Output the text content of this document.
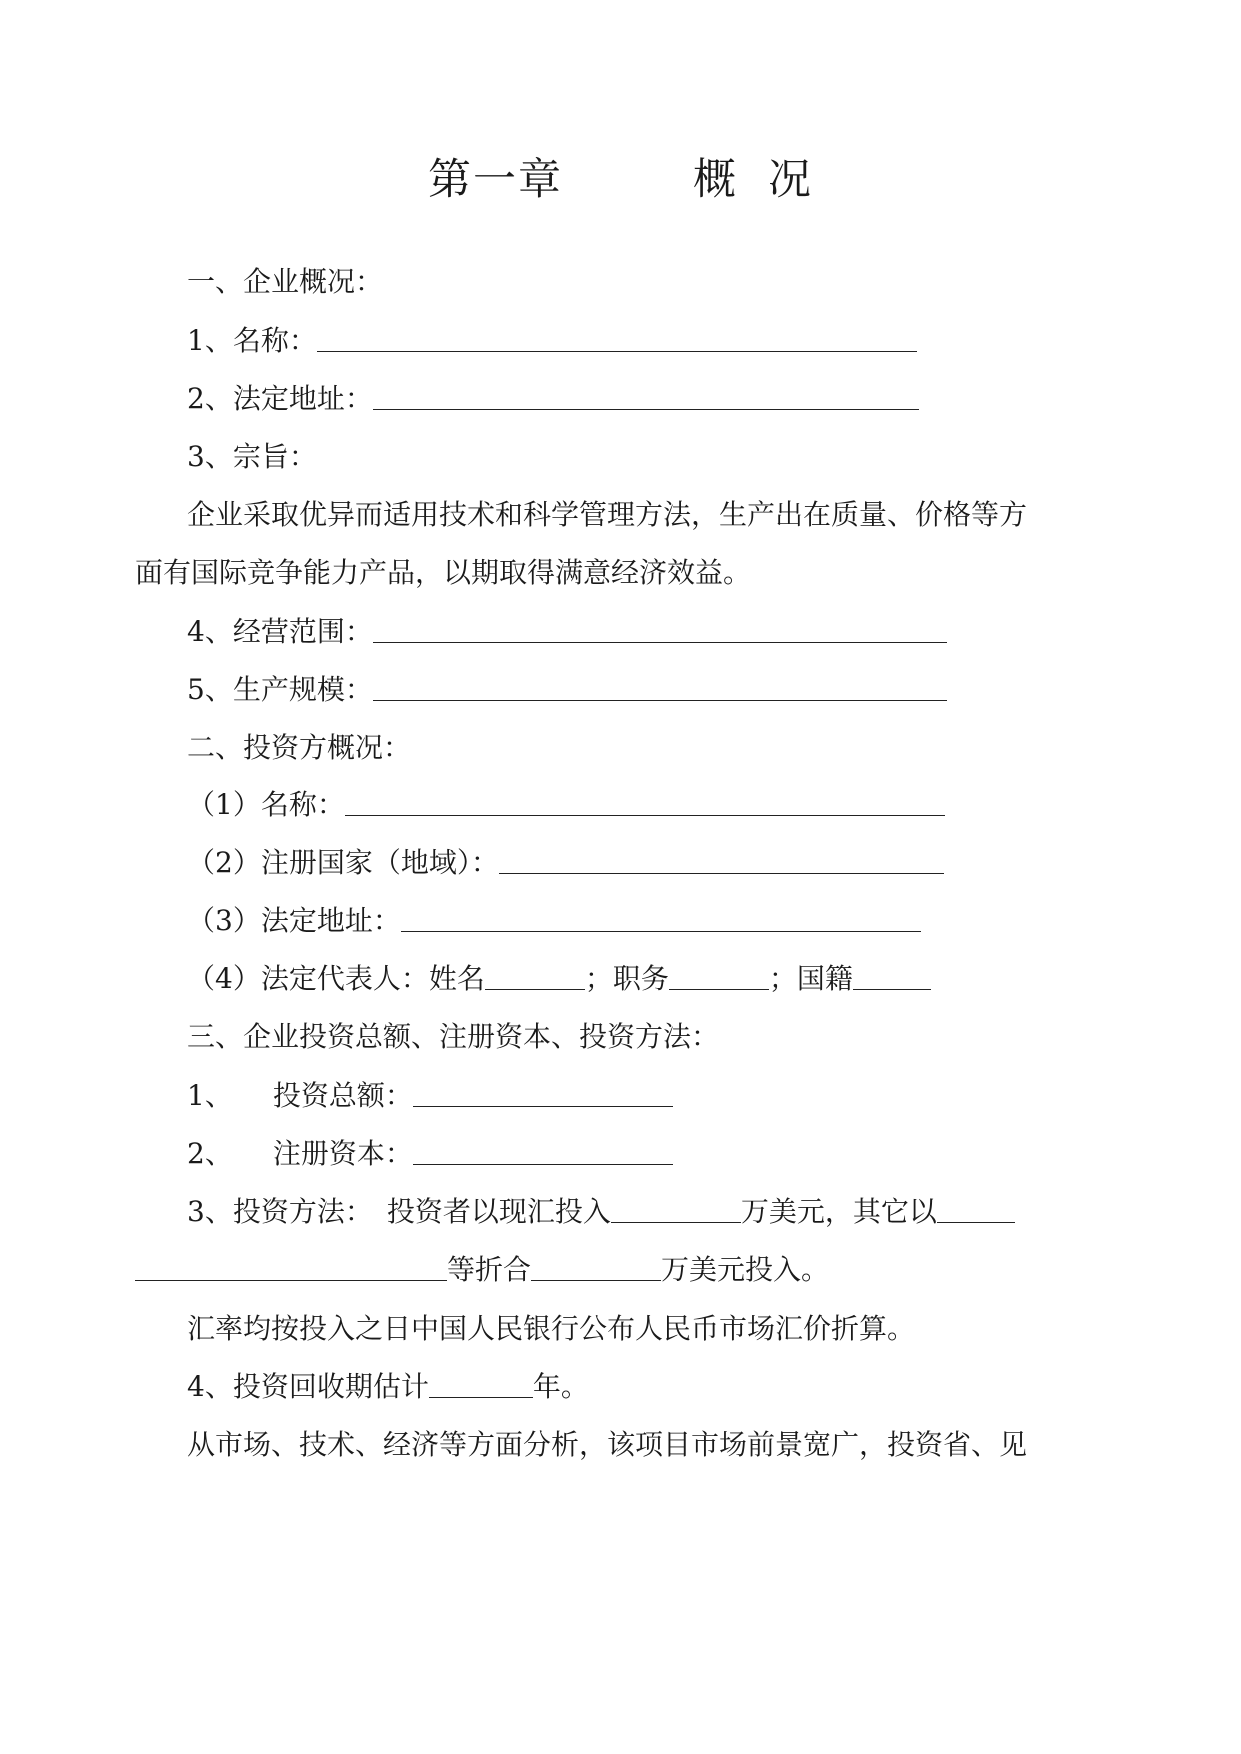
第一章	概 况
一、企业概况：
1、名称：
2、法定地址：
3、宗旨：
企业采取优异而适用技术和科学管理方法，生产出在质量、价格等方
面有国际竞争能力产品，以期取得满意经济效益。
4、经营范围：
5、生产规模：
二、投资方概况：
（1）名称：
（2）注册国家（地域）：
（3）法定地址：
（4）法定代表人：姓名	；职务	；国籍
三、企业投资总额、注册资本、投资方法：
1、 投资总额：
2、 注册资本：
3、投资方法： 投资者以现汇投入	万美元，其它以
等折合	万美元投入。
汇率均按投入之日中国人民银行公布人民币市场汇价折算。
4、投资回收期估计	年。
从市场、技术、经济等方面分析，该项目市场前景宽广，投资省、见
